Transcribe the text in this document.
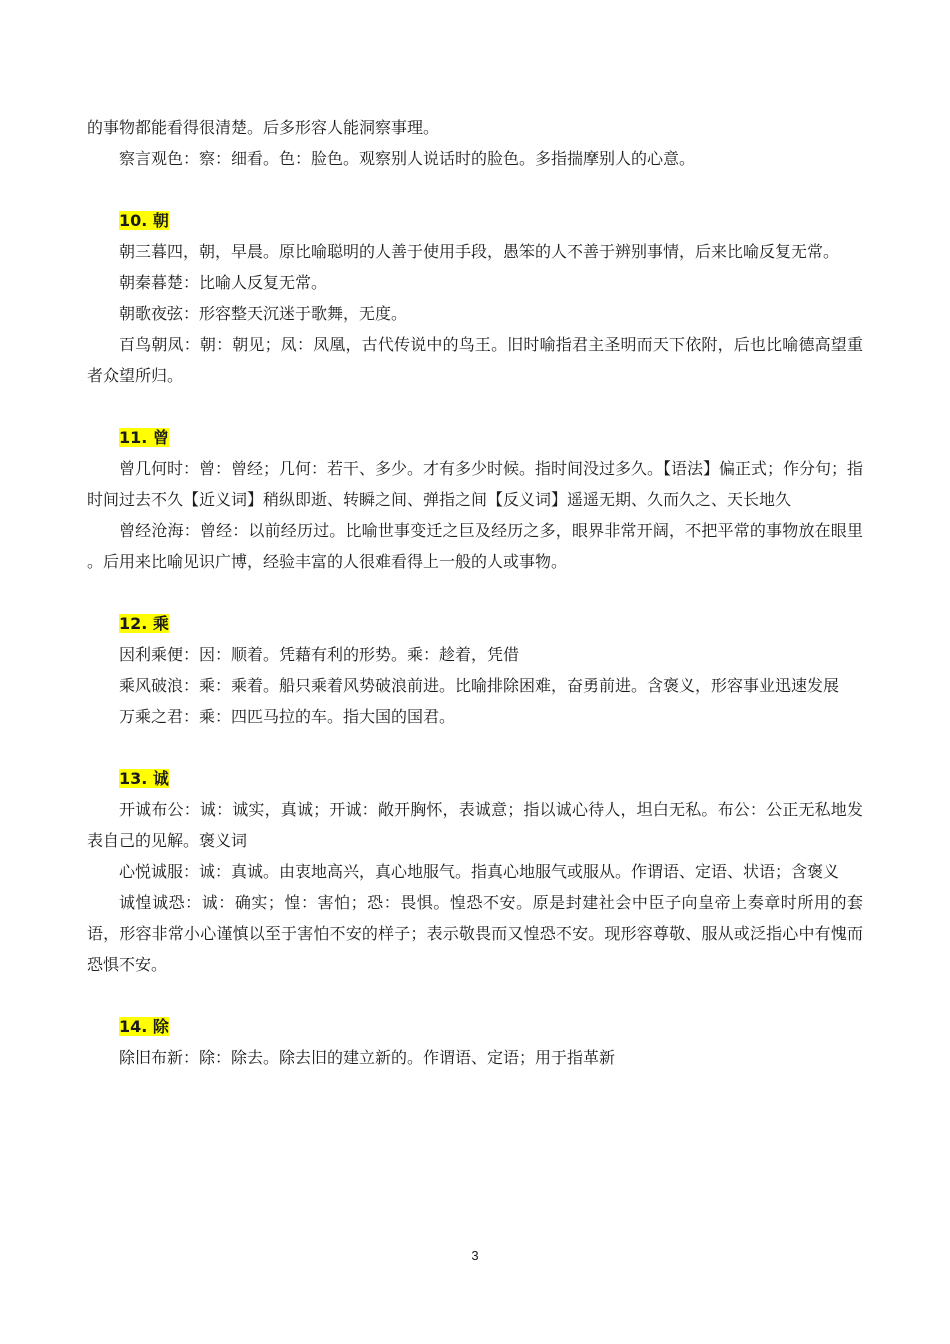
的事物都能看得很清楚。后多形容人能洞察事理。

察言观色：察：细看。色：脸色。观察别人说话时的脸色。多指揣摩别人的心意。

10. 朝

朝三暮四，朝，早晨。原比喻聪明的人善于使用手段，愚笨的人不善于辨别事情，后来比喻反复无常。

朝秦暮楚：比喻人反复无常。

朝歌夜弦：形容整天沉迷于歌舞，无度。

百鸟朝凤：朝：朝见；凤：凤凰，古代传说中的鸟王。旧时喻指君主圣明而天下依附，后也比喻德高望重者众望所归。

11. 曾

曾几何时：曾：曾经；几何：若干、多少。才有多少时候。指时间没过多久。【语法】偏正式；作分句；指时间过去不久【近义词】稍纵即逝、转瞬之间、弹指之间【反义词】遥遥无期、久而久之、天长地久

曾经沧海：曾经：以前经历过。比喻世事变迁之巨及经历之多，眼界非常开阔，不把平常的事物放在眼里 。后用来比喻见识广博，经验丰富的人很难看得上一般的人或事物。

12. 乘

因利乘便：因：顺着。凭藉有利的形势。乘：趁着，凭借

乘风破浪：乘：乘着。船只乘着风势破浪前进。比喻排除困难，奋勇前进。含褒义，形容事业迅速发展

万乘之君：乘：四匹马拉的车。指大国的国君。

13. 诚

开诚布公：诚：诚实，真诚；开诚：敞开胸怀，表诚意；指以诚心待人，坦白无私。布公：公正无私地发表自己的见解。褒义词

心悦诚服：诚：真诚。由衷地高兴，真心地服气。指真心地服气或服从。作谓语、定语、状语；含褒义

诚惶诚恐：诚：确实；惶：害怕；恐：畏惧。惶恐不安。原是封建社会中臣子向皇帝上奏章时所用的套语，形容非常小心谨慎以至于害怕不安的样子；表示敬畏而又惶恐不安。现形容尊敬、服从或泛指心中有愧而恐惧不安。

14. 除

除旧布新：除：除去。除去旧的建立新的。作谓语、定语；用于指革新

3
